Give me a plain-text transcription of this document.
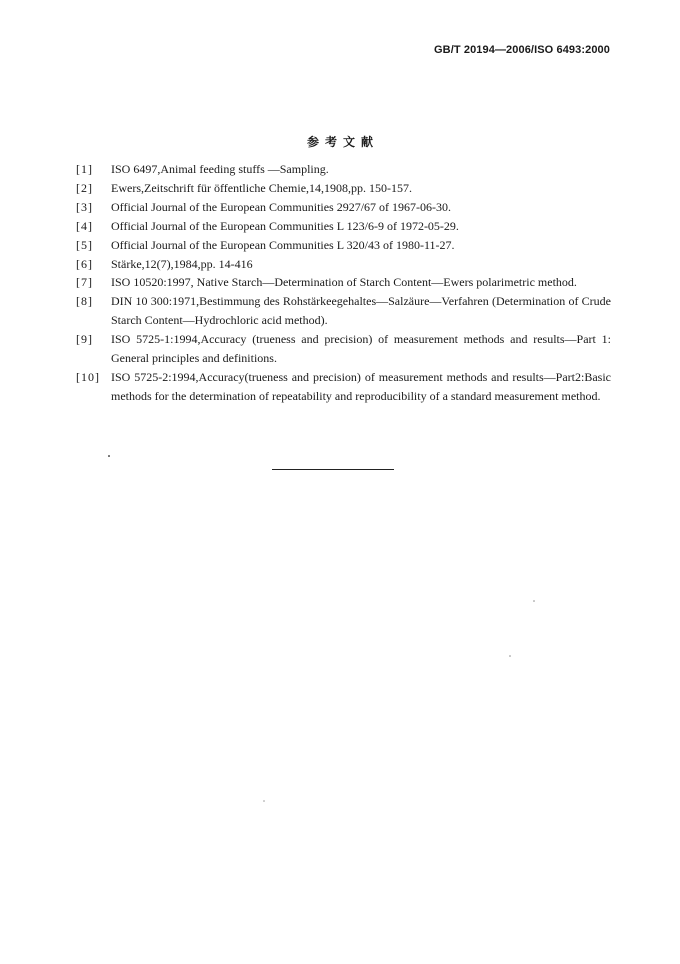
GB/T 20194—2006/ISO 6493:2000
参考文献
[1] ISO 6497,Animal feeding stuffs —Sampling.
[2] Ewers,Zeitschrift für öffentliche Chemie,14,1908,pp. 150-157.
[3] Official Journal of the European Communities 2927/67 of 1967-06-30.
[4] Official Journal of the European Communities L 123/6-9 of 1972-05-29.
[5] Official Journal of the European Communities L 320/43 of 1980-11-27.
[6] Stärke,12(7),1984,pp. 14-416
[7] ISO 10520:1997, Native Starch—Determination of Starch Content—Ewers polarimetric method.
[8] DIN 10 300:1971,Bestimmung des Rohstärkeegehaltes—Salzäure—Verfahren (Determination of Crude Starch Content—Hydrochloric acid method).
[9] ISO 5725-1:1994,Accuracy (trueness and precision) of measurement methods and results—Part 1: General principles and definitions.
[10] ISO 5725-2:1994,Accuracy(trueness and precision) of measurement methods and results—Part2:Basic methods for the determination of repeatability and reproducibility of a standard measurement method.
